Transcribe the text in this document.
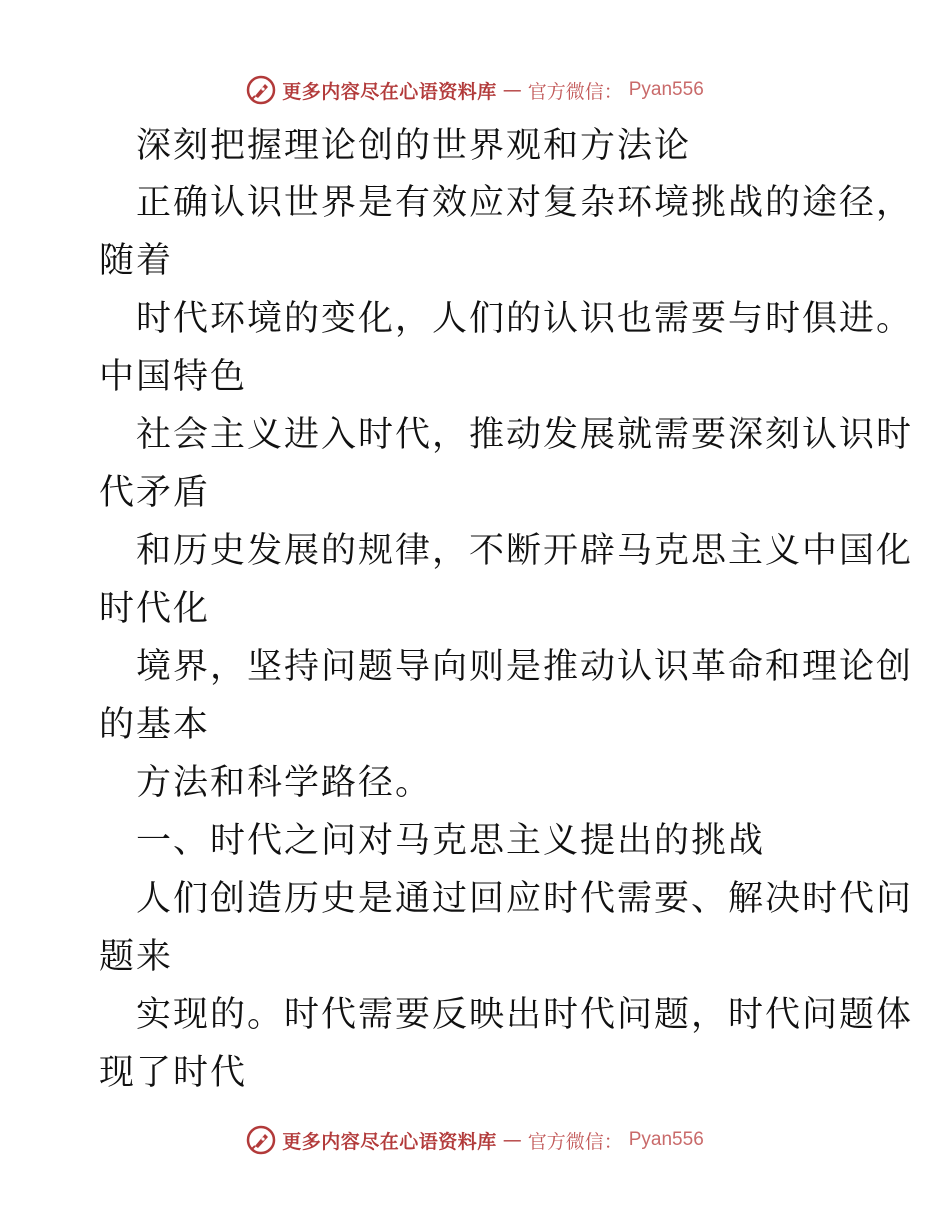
更多内容尽在心语资料库 — 官方微信： Pyan556
深刻把握理论创的世界观和方法论
正确认识世界是有效应对复杂环境挑战的途径，
随着
时代环境的变化，人们的认识也需要与时俱进。
中国特色
社会主义进入时代，推动发展就需要深刻认识时
代矛盾
和历史发展的规律，不断开辟马克思主义中国化
时代化
境界，坚持问题导向则是推动认识革命和理论创
的基本
方法和科学路径。
一、时代之问对马克思主义提出的挑战
人们创造历史是通过回应时代需要、解决时代问
题来
实现的。时代需要反映出时代问题，时代问题体
现了时代
更多内容尽在心语资料库 — 官方微信： Pyan556
